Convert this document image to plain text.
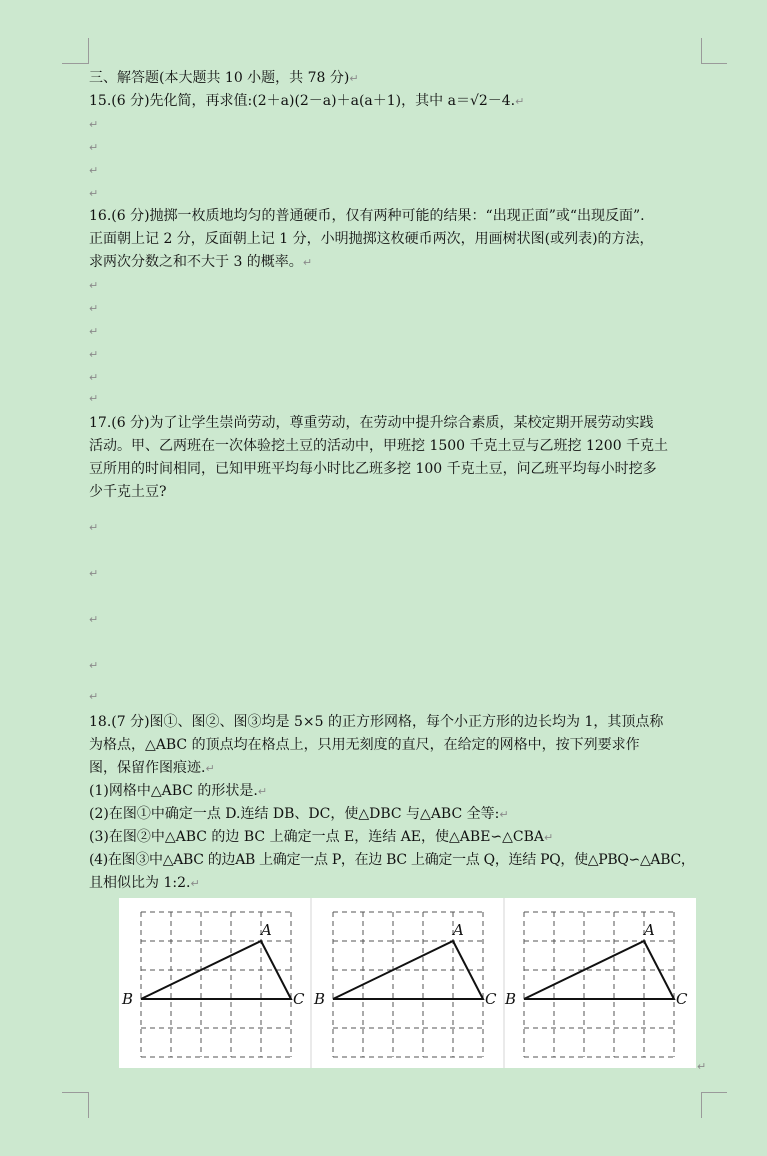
三、解答题(本大题共 10 小题，共 78 分)↵
15.(6 分)先化简，再求值:(2＋a)(2－a)＋a(a＋1)，其中 a＝√2－4.↵
↵
↵
↵
↵
16.(6 分)抛掷一枚质地均匀的普通硬币，仅有两种可能的结果：“出现正面”或“出现反面”.
正面朝上记 2 分，反面朝上记 1 分，小明抛掷这枚硬币两次，用画树状图(或列表)的方法，
求两次分数之和不大于 3 的概率。↵
↵
↵
↵
↵
↵
↵
17.(6 分)为了让学生崇尚劳动，尊重劳动，在劳动中提升综合素质，某校定期开展劳动实践
活动。甲、乙两班在一次体验挖土豆的活动中，甲班挖 1500 千克土豆与乙班挖 1200 千克土
豆所用的时间相同，已知甲班平均每小时比乙班多挖 100 千克土豆，问乙班平均每小时挖多
少千克土豆?
↵
↵
↵
↵
↵
18.(7 分)图①、图②、图③均是 5×5 的正方形网格，每个小正方形的边长均为 1，其顶点称
为格点，△ABC 的顶点均在格点上，只用无刻度的直尺，在给定的网格中，按下列要求作
图，保留作图痕迹.↵
(1)网格中△ABC 的形状是.↵
(2)在图①中确定一点 D.连结 DB、DC，使△DBC 与△ABC 全等:↵
(3)在图②中△ABC 的边 BC 上确定一点 E，连结 AE，使△ABE∽△CBA↵
(4)在图③中△ABC 的边AB 上确定一点 P，在边 BC 上确定一点 Q，连结 PQ，使△PBQ∽△ABC，
且相似比为 1:2.↵
A
B	C
A
B	C
A
B	C
↵
